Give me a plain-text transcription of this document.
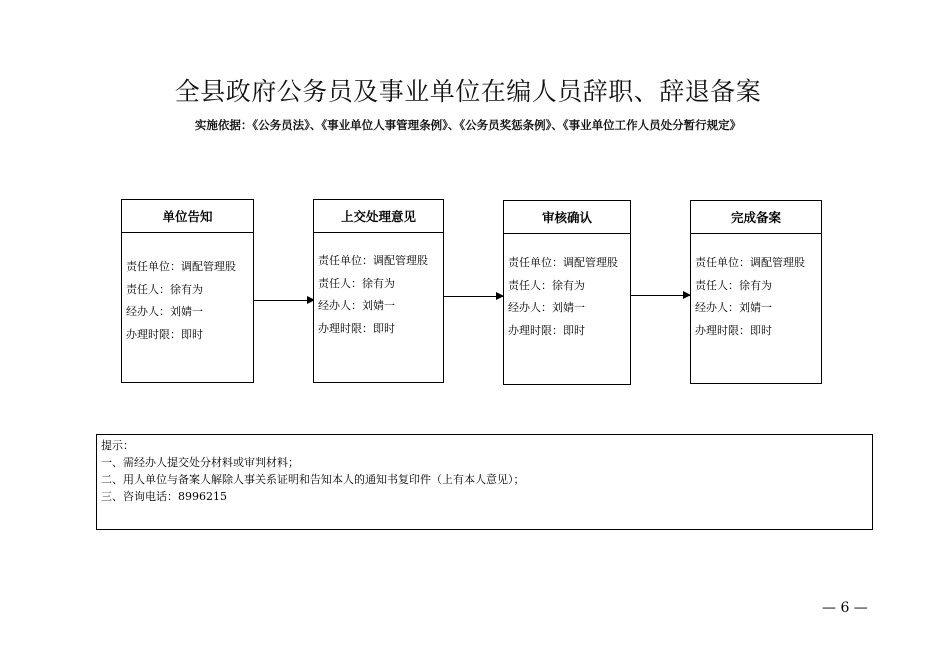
全县政府公务员及事业单位在编人员辞职、辞退备案
实施依据：《公务员法》、《事业单位人事管理条例》、《公务员奖惩条例》、《事业单位工作人员处分暂行规定》
单位告知
责任单位：调配管理股
责任人：徐有为
经办人：刘婧一
办理时限：即时
上交处理意见
责任单位：调配管理股
责任人：徐有为
经办人：刘婧一
办理时限：即时
审核确认
责任单位：调配管理股
责任人：徐有为
经办人：刘婧一
办理时限：即时
完成备案
责任单位：调配管理股
责任人：徐有为
经办人：刘婧一
办理时限：即时
提示：
一、需经办人提交处分材料或审判材料；
二、用人单位与备案人解除人事关系证明和告知本人的通知书复印件（上有本人意见）；
三、咨询电话：8996215
— 6 —
